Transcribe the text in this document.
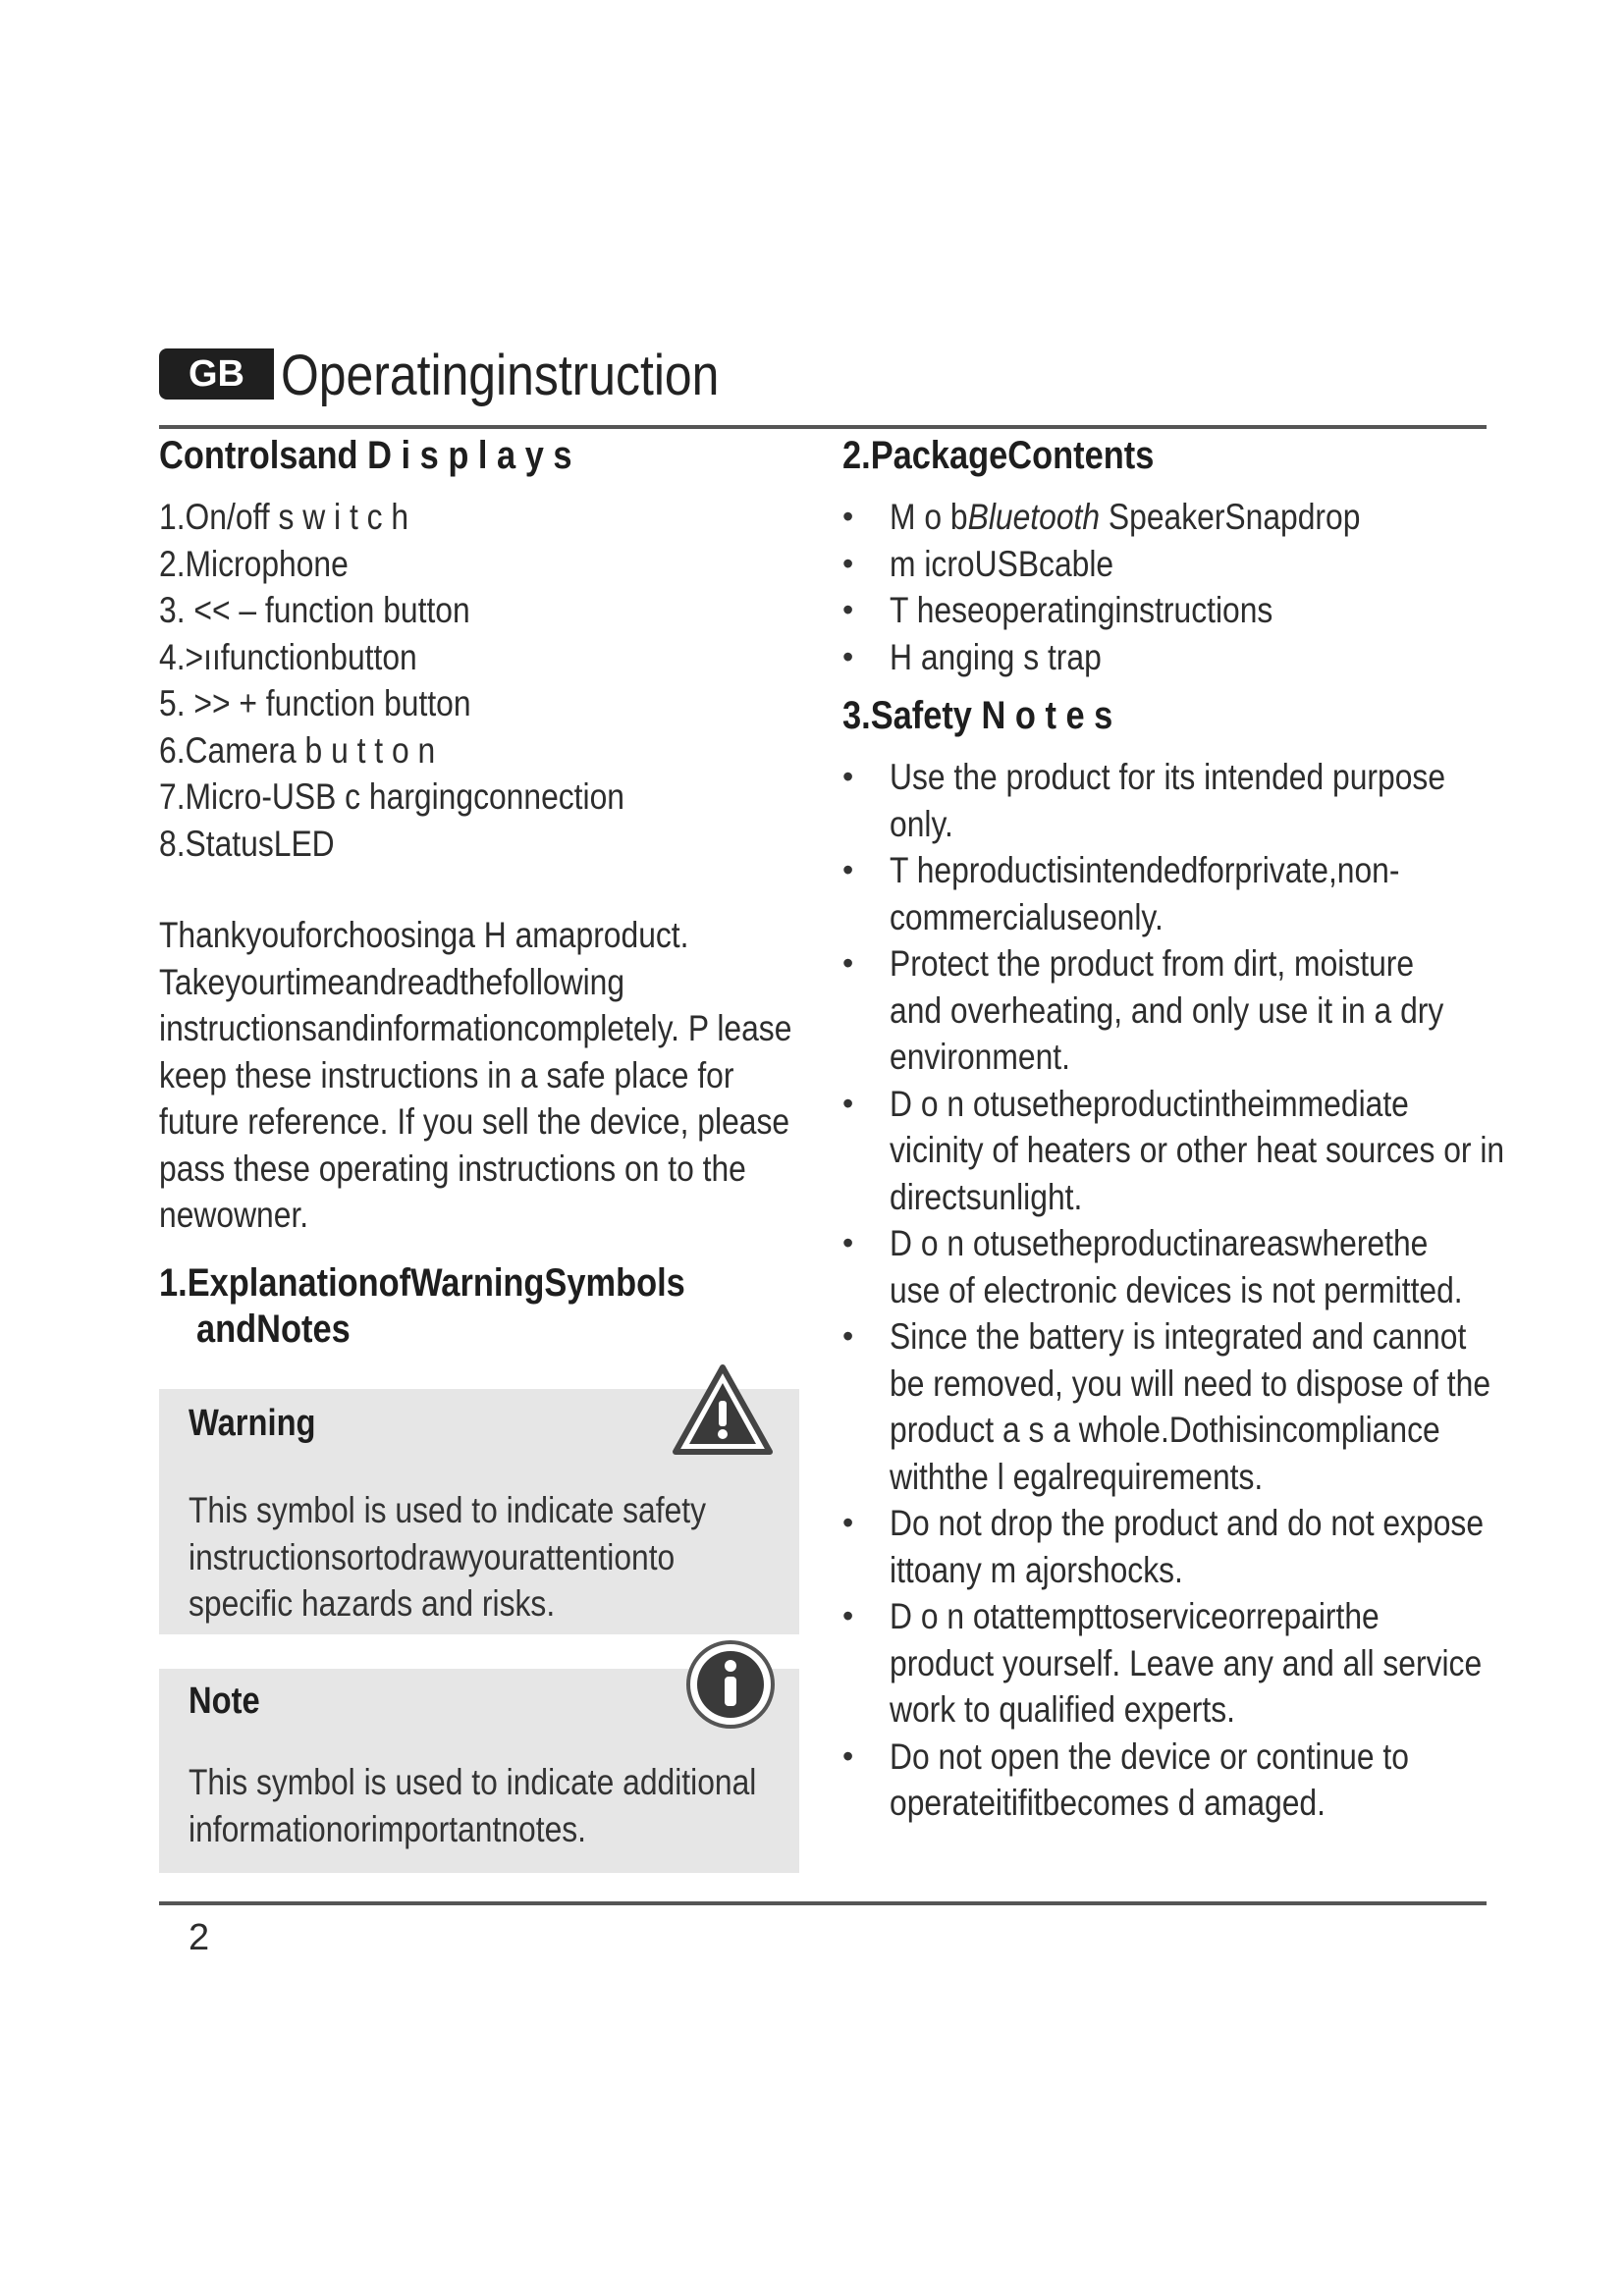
GB Operatinginstruction
Controlsand D i s p l a y s
1.On/off s w i t c h
2.Microphone
3. << – function button
4.>ııfunctionbutton
5. >> + function button
6.Camera b u t t o n
7.Micro-USB c hargingconnection
8.StatusLED
Thankyouforchoosinga H amaproduct.
Takeyourtimeandreadthefollowing
instructionsandinformationcompletely. P lease
keep these instructions in a safe place for
future reference. If you sell the device, please
pass these operating instructions on to the
newowner.
1.ExplanationofWarningSymbols
andNotes
Warning
This symbol is used to indicate safety
instructionsortodrawyourattentionto
specific hazards and risks.
Note
This symbol is used to indicate additional
informationorimportantnotes.
2.PackageContents
• M o bBluetooth SpeakerSnapdrop
• m icroUSBcable
• T heseoperatinginstructions
• H anging s trap
3.Safety N o t e s
• Use the product for its intended purpose
only.
• T heproductisintendedforprivate,non-
commercialuseonly.
• Protect the product from dirt, moisture
and overheating, and only use it in a dry
environment.
• D o n otusetheproductintheimmediate
vicinity of heaters or other heat sources or in
directsunlight.
• D o n otusetheproductinareaswherethe
use of electronic devices is not permitted.
• Since the battery is integrated and cannot
be removed, you will need to dispose of the
product a s a whole.Dothisincompliance
withthe l egalrequirements.
• Do not drop the product and do not expose
ittoany m ajorshocks.
• D o n otattempttoserviceorrepairthe
product yourself. Leave any and all service
work to qualified experts.
• Do not open the device or continue to
operateitifitbecomes d amaged.
2
